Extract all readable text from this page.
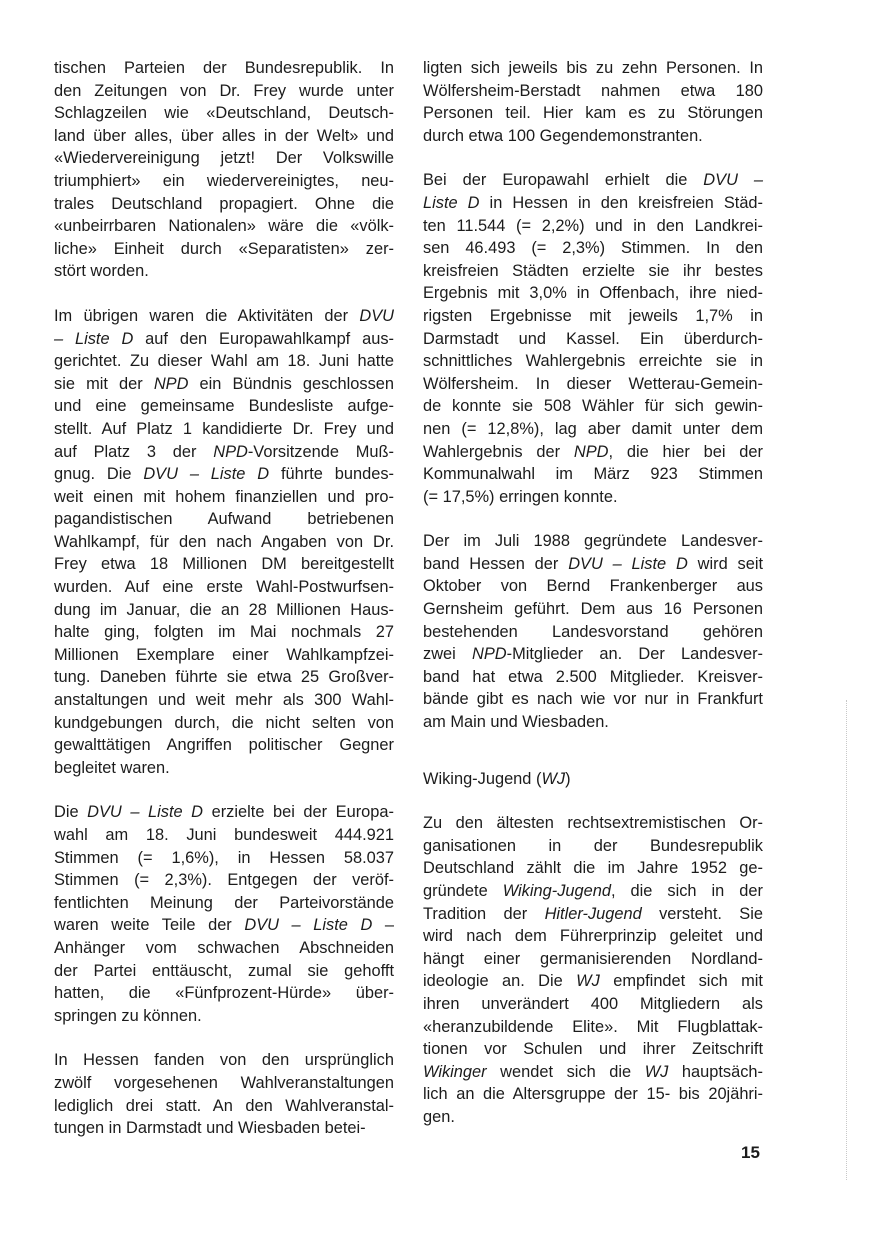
tischen Parteien der Bundesrepublik. In
den Zeitungen von Dr. Frey wurde unter
Schlagzeilen wie «Deutschland, Deutsch-
land über alles, über alles in der Welt» und
«Wiedervereinigung jetzt! Der Volkswille
triumphiert» ein wiedervereinigtes, neu-
trales Deutschland propagiert. Ohne die
«unbeirrbaren Nationalen» wäre die «völk-
liche» Einheit durch «Separatisten» zer-
stört worden.

Im übrigen waren die Aktivitäten der DVU
– Liste D auf den Europawahlkampf aus-
gerichtet. Zu dieser Wahl am 18. Juni hatte
sie mit der NPD ein Bündnis geschlossen
und eine gemeinsame Bundesliste aufge-
stellt. Auf Platz 1 kandidierte Dr. Frey und
auf Platz 3 der NPD-Vorsitzende Muß-
gnug. Die DVU – Liste D führte bundes-
weit einen mit hohem finanziellen und pro-
pagandistischen Aufwand betriebenen
Wahlkampf, für den nach Angaben von Dr.
Frey etwa 18 Millionen DM bereitgestellt
wurden. Auf eine erste Wahl-Postwurfsen-
dung im Januar, die an 28 Millionen Haus-
halte ging, folgten im Mai nochmals 27
Millionen Exemplare einer Wahlkampfzei-
tung. Daneben führte sie etwa 25 Großver-
anstaltungen und weit mehr als 300 Wahl-
kundgebungen durch, die nicht selten von
gewalttätigen Angriffen politischer Gegner
begleitet waren.

Die DVU – Liste D erzielte bei der Europa-
wahl am 18. Juni bundesweit 444.921
Stimmen (= 1,6%), in Hessen 58.037
Stimmen (= 2,3%). Entgegen der veröf-
fentlichten Meinung der Parteivorstände
waren weite Teile der DVU – Liste D –
Anhänger vom schwachen Abschneiden
der Partei enttäuscht, zumal sie gehofft
hatten, die «Fünfprozent-Hürde» über-
springen zu können.

In Hessen fanden von den ursprünglich
zwölf vorgesehenen Wahlveranstaltungen
lediglich drei statt. An den Wahlveranstal-
tungen in Darmstadt und Wiesbaden betei-

ligten sich jeweils bis zu zehn Personen. In
Wölfersheim-Berstadt nahmen etwa 180
Personen teil. Hier kam es zu Störungen
durch etwa 100 Gegendemonstranten.

Bei der Europawahl erhielt die DVU –
Liste D in Hessen in den kreisfreien Städ-
ten 11.544 (= 2,2%) und in den Landkrei-
sen 46.493 (= 2,3%) Stimmen. In den
kreisfreien Städten erzielte sie ihr bestes
Ergebnis mit 3,0% in Offenbach, ihre nied-
rigsten Ergebnisse mit jeweils 1,7% in
Darmstadt und Kassel. Ein überdurch-
schnittliches Wahlergebnis erreichte sie in
Wölfersheim. In dieser Wetterau-Gemein-
de konnte sie 508 Wähler für sich gewin-
nen (= 12,8%), lag aber damit unter dem
Wahlergebnis der NPD, die hier bei der
Kommunalwahl im März 923 Stimmen
(= 17,5%) erringen konnte.

Der im Juli 1988 gegründete Landesver-
band Hessen der DVU – Liste D wird seit
Oktober von Bernd Frankenberger aus
Gernsheim geführt. Dem aus 16 Personen
bestehenden Landesvorstand gehören
zwei NPD-Mitglieder an. Der Landesver-
band hat etwa 2.500 Mitglieder. Kreisver-
bände gibt es nach wie vor nur in Frankfurt
am Main und Wiesbaden.

Wiking-Jugend (WJ)

Zu den ältesten rechtsextremistischen Or-
ganisationen in der Bundesrepublik
Deutschland zählt die im Jahre 1952 ge-
gründete Wiking-Jugend, die sich in der
Tradition der Hitler-Jugend versteht. Sie
wird nach dem Führerprinzip geleitet und
hängt einer germanisierenden Nordland-
ideologie an. Die WJ empfindet sich mit
ihren unverändert 400 Mitgliedern als
«heranzubildende Elite». Mit Flugblattak-
tionen vor Schulen und ihrer Zeitschrift
Wikinger wendet sich die WJ hauptsäch-
lich an die Altersgruppe der 15- bis 20jähri-
gen.

15
